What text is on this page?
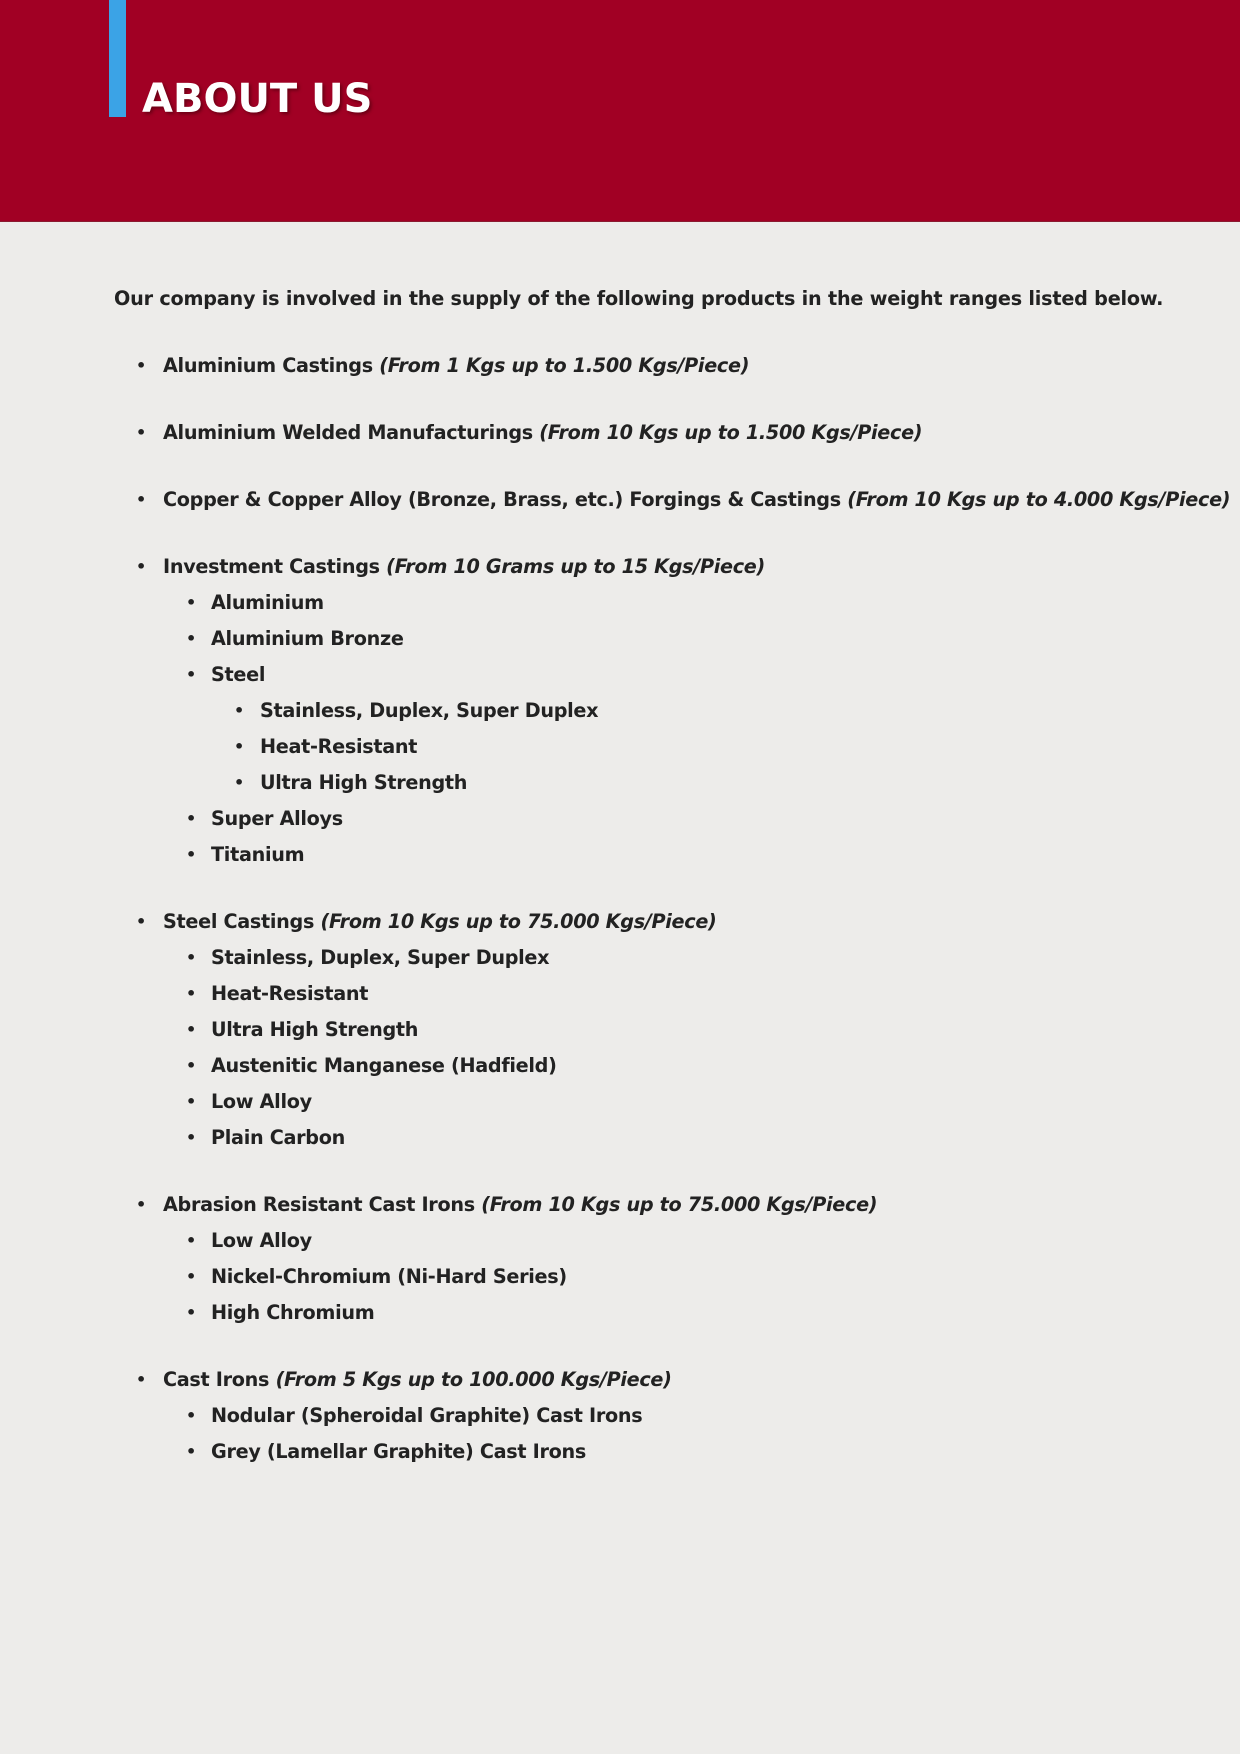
ABOUT US

Our company is involved in the supply of the following products in the weight ranges listed below.

• Aluminium Castings (From 1 Kgs up to 1.500 Kgs/Piece)
• Aluminium Welded Manufacturings (From 10 Kgs up to 1.500 Kgs/Piece)
• Copper & Copper Alloy (Bronze, Brass, etc.) Forgings & Castings (From 10 Kgs up to 4.000 Kgs/Piece)
• Investment Castings (From 10 Grams up to 15 Kgs/Piece)
• Aluminium
• Aluminium Bronze
• Steel
• Stainless, Duplex, Super Duplex
• Heat-Resistant
• Ultra High Strength
• Super Alloys
• Titanium
• Steel Castings (From 10 Kgs up to 75.000 Kgs/Piece)
• Stainless, Duplex, Super Duplex
• Heat-Resistant
• Ultra High Strength
• Austenitic Manganese (Hadfield)
• Low Alloy
• Plain Carbon
• Abrasion Resistant Cast Irons (From 10 Kgs up to 75.000 Kgs/Piece)
• Low Alloy
• Nickel-Chromium (Ni-Hard Series)
• High Chromium
• Cast Irons (From 5 Kgs up to 100.000 Kgs/Piece)
• Nodular (Spheroidal Graphite) Cast Irons
• Grey (Lamellar Graphite) Cast Irons
